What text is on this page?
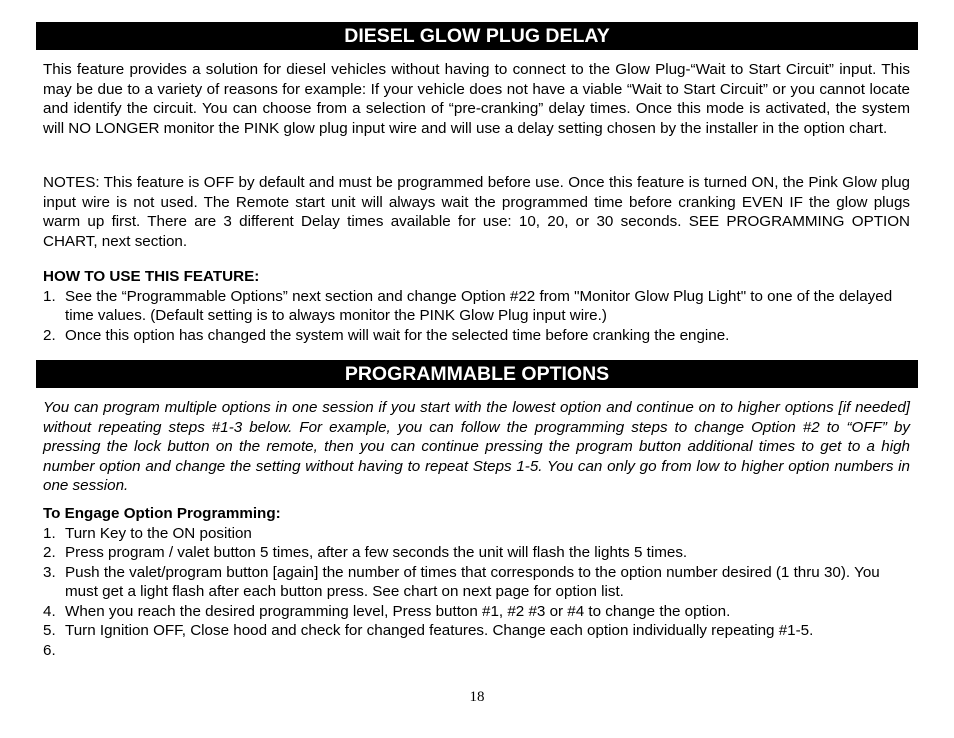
DIESEL GLOW PLUG DELAY

This feature provides a solution for diesel vehicles without having to connect to the Glow Plug-“Wait to Start Circuit” input. This may be due to a variety of reasons for example: If your vehicle does not have a viable “Wait to Start Circuit” or you cannot locate and identify the circuit. You can choose from a selection of “pre-cranking” delay times. Once this mode is activated, the system will NO LONGER monitor the PINK glow plug input wire and will use a delay setting chosen by the installer in the option chart.

NOTES: This feature is OFF by default and must be programmed before use. Once this feature is turned ON, the Pink Glow plug input wire is not used. The Remote start unit will always wait the programmed time before cranking EVEN IF the glow plugs warm up first. There are 3 different Delay times available for use: 10, 20, or 30 seconds. SEE PROGRAMMING OPTION CHART, next section.

HOW TO USE THIS FEATURE:

1. See the “Programmable Options” next section and change Option #22 from "Monitor Glow Plug Light" to one of the delayed time values. (Default setting is to always monitor the PINK Glow Plug input wire.)
2. Once this option has changed the system will wait for the selected time before cranking the engine.
PROGRAMMABLE OPTIONS

You can program multiple options in one session if you start with the lowest option and continue on to higher options [if needed] without repeating steps #1-3 below. For example, you can follow the programming steps to change Option #2 to “OFF” by pressing the lock button on the remote, then you can continue pressing the program button additional times to get to a high number option and change the setting without having to repeat Steps 1-5. You can only go from low to higher option numbers in one session.

To Engage Option Programming:

1. Turn Key to the ON position
2. Press program / valet button 5 times, after a few seconds the unit will flash the lights 5 times.
3. Push the valet/program button [again] the number of times that corresponds to the option number desired (1 thru 30). You must get a light flash after each button press. See chart on next page for option list.
4. When you reach the desired programming level, Press button #1, #2 #3 or #4 to change the option.
5. Turn Ignition OFF, Close hood and check for changed features. Change each option individually repeating #1-5.
6.
18
